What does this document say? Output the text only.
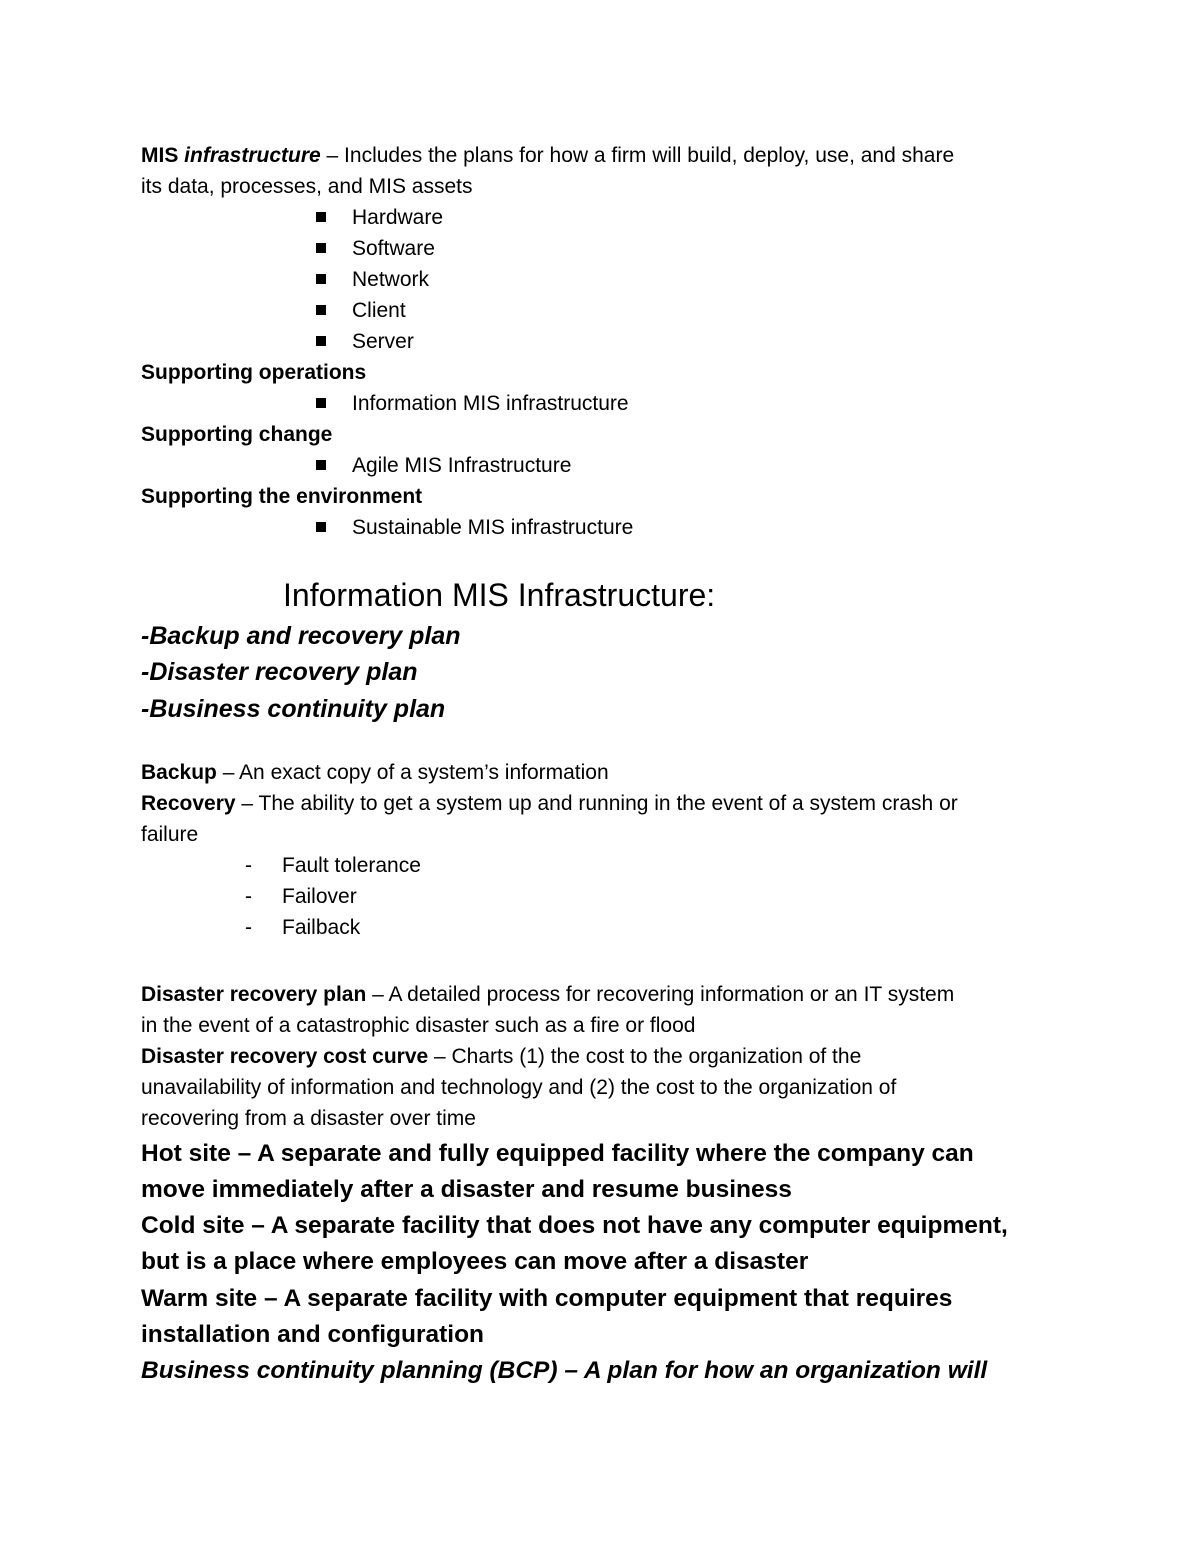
MIS infrastructure – Includes the plans for how a firm will build, deploy, use, and share
its data, processes, and MIS assets
Hardware
Software
Network
Client
Server
Supporting operations
Information MIS infrastructure
Supporting change
Agile MIS Infrastructure
Supporting the environment
Sustainable MIS infrastructure
Information MIS Infrastructure:
-Backup and recovery plan
-Disaster recovery plan
-Business continuity plan
Backup – An exact copy of a system’s information
Recovery – The ability to get a system up and running in the event of a system crash or
failure
- Fault tolerance
- Failover
- Failback
Disaster recovery plan – A detailed process for recovering information or an IT system
in the event of a catastrophic disaster such as a fire or flood
Disaster recovery cost curve – Charts (1) the cost to the organization of the
unavailability of information and technology and (2) the cost to the organization of
recovering from a disaster over time
Hot site – A separate and fully equipped facility where the company can
move immediately after a disaster and resume business
Cold site – A separate facility that does not have any computer equipment,
but is a place where employees can move after a disaster
Warm site – A separate facility with computer equipment that requires
installation and configuration
Business continuity planning (BCP) – A plan for how an organization will
